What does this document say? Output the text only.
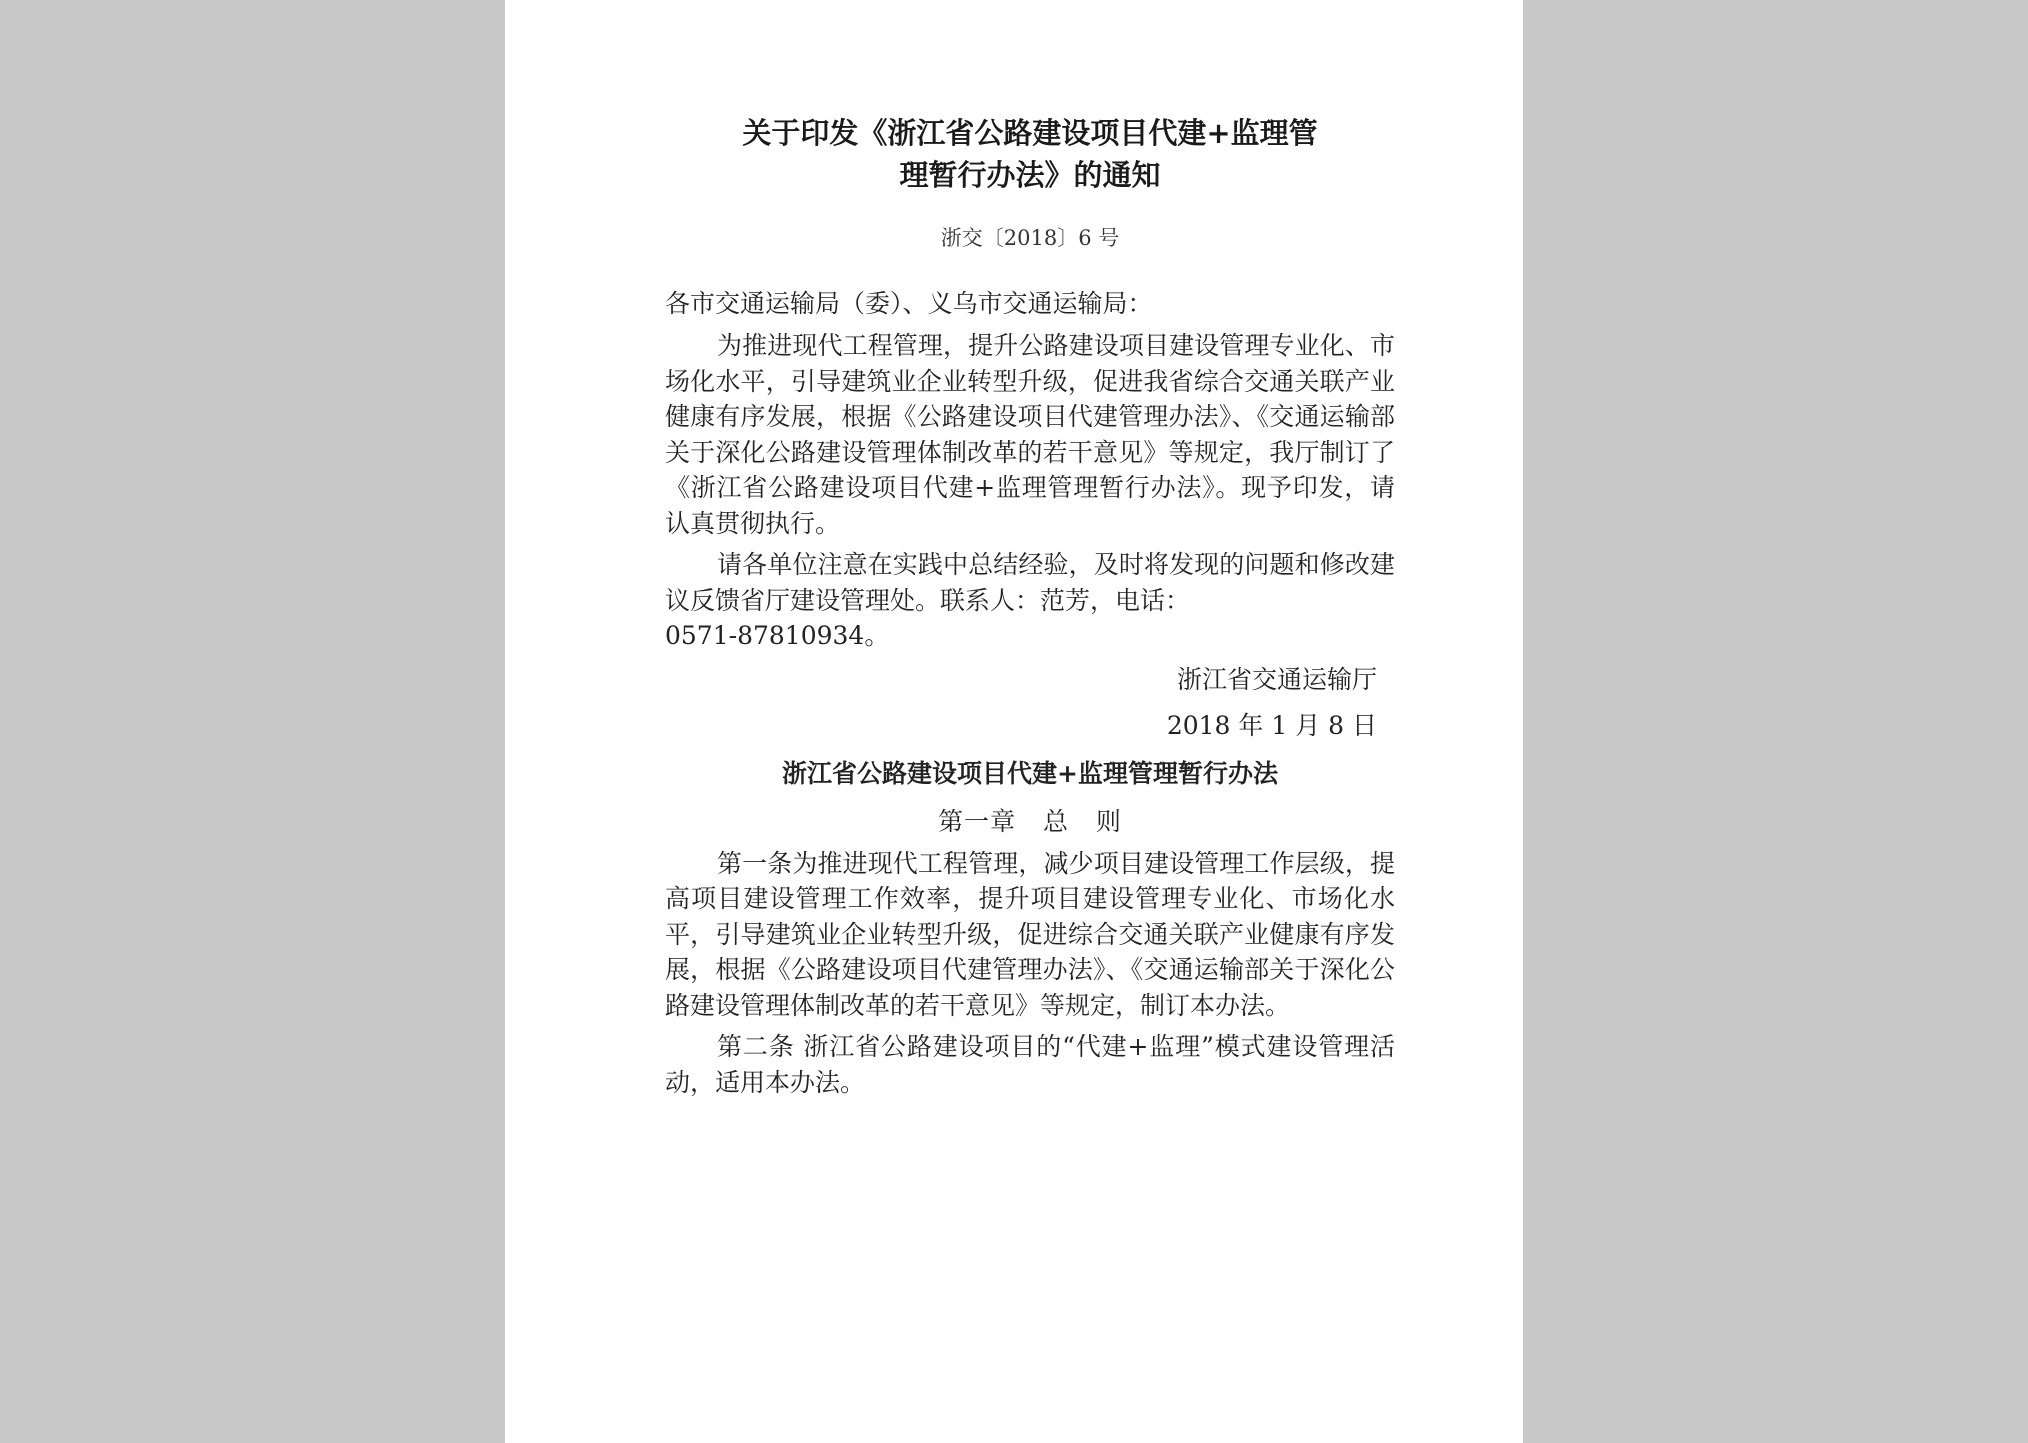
关于印发《浙江省公路建设项目代建+监理管
理暂行办法》的通知
浙交〔2018〕6 号
各市交通运输局（委）、义乌市交通运输局：

为推进现代工程管理，提升公路建设项目建设管理专业化、市场化水平，引导建筑业企业转型升级，促进我省综合交通关联产业健康有序发展，根据《公路建设项目代建管理办法》、《交通运输部关于深化公路建设管理体制改革的若干意见》等规定，我厅制订了《浙江省公路建设项目代建+监理管理暂行办法》。现予印发，请认真贯彻执行。

请各单位注意在实践中总结经验，及时将发现的问题和修改建议反馈省厅建设管理处。联系人：范芳，电话：
0571-87810934。

浙江省交通运输厅
2018 年 1 月 8 日
浙江省公路建设项目代建+监理管理暂行办法
第一章   总   则

第一条为推进现代工程管理，减少项目建设管理工作层级，提高项目建设管理工作效率，提升项目建设管理专业化、市场化水平，引导建筑业企业转型升级，促进综合交通关联产业健康有序发展，根据《公路建设项目代建管理办法》、《交通运输部关于深化公路建设管理体制改革的若干意见》等规定，制订本办法。

第二条 浙江省公路建设项目的“代建+监理”模式建设管理活动，适用本办法。
